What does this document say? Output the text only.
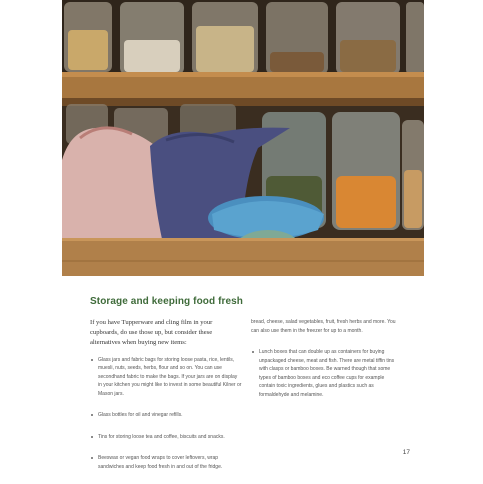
Storage and keeping food fresh

If you have Tupperware and cling film in your cupboards, do use those up, but consider these alternatives when buying new items:

Glass jars and fabric bags for storing loose pasta, rice, lentils, muesli, nuts, seeds, herbs, flour and so on. You can use secondhand fabric to make the bags. If your jars are on display in your kitchen you might like to invest in some beautiful Kilner or Mason jars.
Glass bottles for oil and vinegar refills.
Tins for storing loose tea and coffee, biscuits and snacks.
Beeswax or vegan food wraps to cover leftovers, wrap sandwiches and keep food fresh in and out of the fridge.

bread, cheese, salad vegetables, fruit, fresh herbs and more. You can also use them in the freezer for up to a month.

Lunch boxes that can double up as containers for buying unpackaged cheese, meat and fish. There are metal tiffin tins with clasps or bamboo boxes. Be warned though that some types of bamboo boxes and eco coffee cups for example contain toxic ingredients, glues and plastics such as formaldehyde and melamine.
17
